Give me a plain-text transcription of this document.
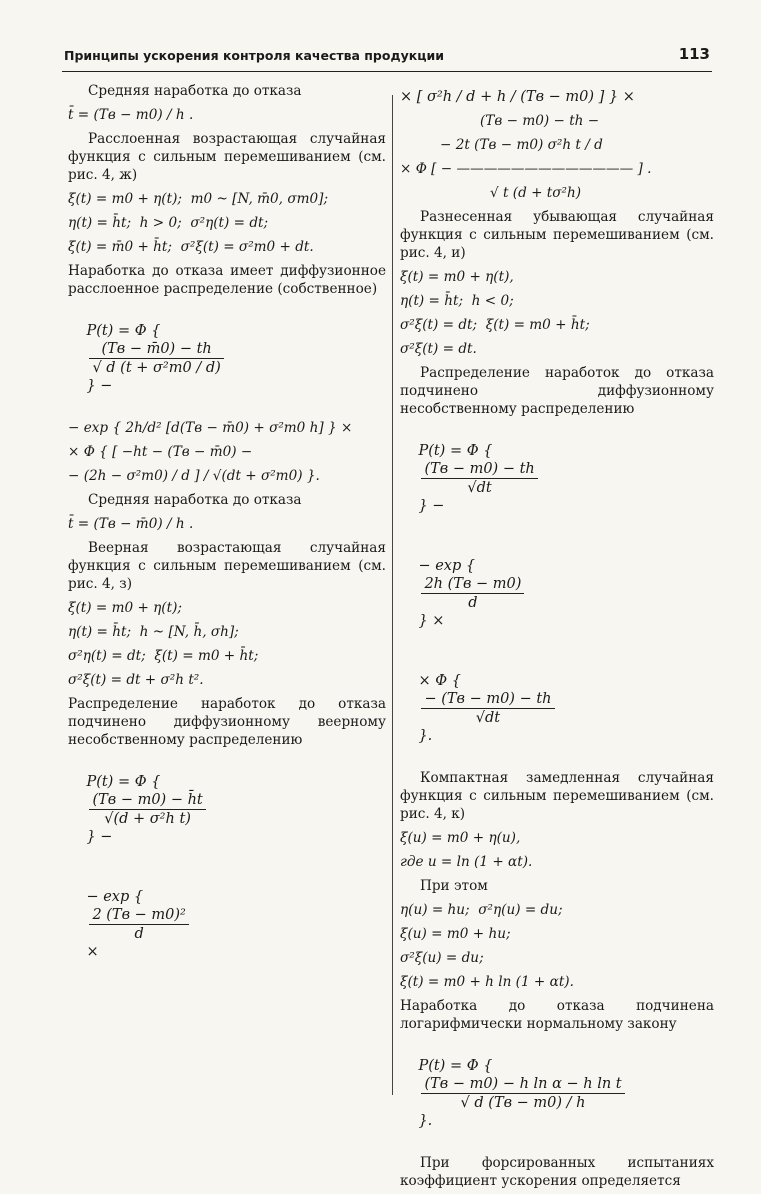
Принципы ускорения контроля качества продукции	113

Средняя наработка до отказа

t̄ = (Tв − m0) / h .

Расслоенная возрастающая случайная функция с сильным перемешиванием (см. рис. 4, ж)

ξ(t) = m0 + η(t);  m0 ~ [N, m̄0, σm0];
η(t) = h̄t;  h > 0;  σ²η(t) = dt;
ξ(t) = m̄0 + h̄t;  σ²ξ(t) = σ²m0 + dt.

Наработка до отказа имеет диффузионное расслоенное распределение (собственное)

P(t) = Φ {

$\frac{(Tв - m̄0) - th}{\text{√ d (t + σ²m0 / d)}}$

} −

− exp { 2h/d² [d(Tв − m̄0) + σ²m0 h] } ×
× Φ { [ −ht − (Tв − m̄0) −
− (2h − σ²m0) / d ] / √(dt + σ²m0) }.

Средняя наработка до отказа

t̄ = (Tв − m̄0) / h .

Веерная возрастающая случайная функция с сильным перемешиванием (см. рис. 4, з)

ξ(t) = m0 + η(t);
η(t) = h̄t;  h ~ [N, h̄, σh];
σ²η(t) = dt;  ξ(t) = m0 + h̄t;
σ²ξ(t) = dt + σ²h t².

Распределение наработок до отказа подчинено диффузионному веерному несобственному распределению

P(t) = Φ {

$\frac{(Tв - m0) - h̄t}{\text{√(d + σ²h t)}}$

} −

− exp {

$\frac{\text{2 (Tв − m0)²}}{d}$

×

× [ σ²h / d + h / (Tв − m0) ] } ×
(Tв − m0) − th −
− 2t (Tв − m0) σ²h t / d
× Φ [ − ————————————— ] .
√ t (d + tσ²h)

Разнесенная убывающая случайная функция с сильным перемешиванием (см. рис. 4, и)

ξ(t) = m0 + η(t),
η(t) = h̄t;  h < 0;
σ²ξ(t) = dt;  ξ(t) = m0 + h̄t;
σ²ξ(t) = dt.

Распределение наработок до отказа подчинено диффузионному несобственному распределению

P(t) = Φ {

$\frac{(Tв - m0) - th}{√dt}$

} −

− exp {

$\frac{2h (Tв - m0)}{d}$

} ×

× Φ {

$\frac{- (Tв - m0) - th}{√dt}$

}.

Компактная замедленная случайная функция с сильным перемешиванием (см. рис. 4, к)

ξ(u) = m0 + η(u),
где u = ln (1 + αt).

При этом

η(u) = hu;  σ²η(u) = du;
ξ(u) = m0 + hu;
σ²ξ(u) = du;
ξ(t) = m0 + h ln (1 + αt).

Наработка до отказа подчинена логарифмически нормальному закону

P(t) = Φ {

$\frac{\text{(Tв − m0) − h ln α − h ln t}}{√ d (Tв - m0) / h}$

}.

При форсированных испытаниях коэффициент ускорения определяется
